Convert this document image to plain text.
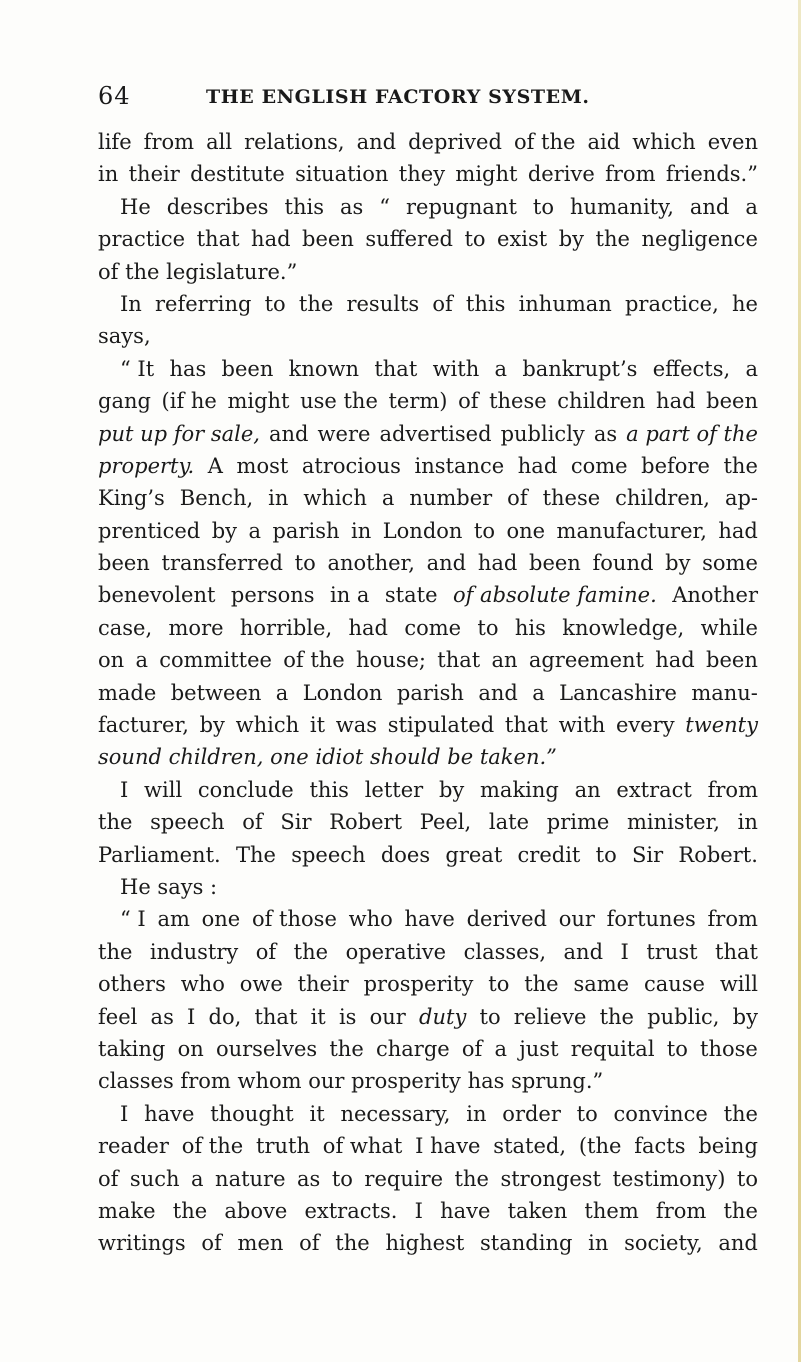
64	THE ENGLISH FACTORY SYSTEM.
life from all relations, and deprived of the aid which even
in their destitute situation they might derive from friends.”
He describes this as “ repugnant to humanity, and a
practice that had been suffered to exist by the negligence
of the legislature.”
In referring to the results of this inhuman practice, he
says,
“ It has been known that with a bankrupt’s effects, a
gang (if he might use the term) of these children had been
put up for sale, and were advertised publicly as a part of the
property. A most atrocious instance had come before the
King’s Bench, in which a number of these children, ap-
prenticed by a parish in London to one manufacturer, had
been transferred to another, and had been found by some
benevolent persons in a state of absolute famine. Another
case, more horrible, had come to his knowledge, while
on a committee of the house; that an agreement had been
made between a London parish and a Lancashire manu-
facturer, by which it was stipulated that with every twenty
sound children, one idiot should be taken.”
I will conclude this letter by making an extract from
the speech of Sir Robert Peel, late prime minister, in
Parliament. The speech does great credit to Sir Robert.
He says :
“ I am one of those who have derived our fortunes from
the industry of the operative classes, and I trust that
others who owe their prosperity to the same cause will
feel as I do, that it is our duty to relieve the public, by
taking on ourselves the charge of a just requital to those
classes from whom our prosperity has sprung.”
I have thought it necessary, in order to convince the
reader of the truth of what I have stated, (the facts being
of such a nature as to require the strongest testimony) to
make the above extracts. I have taken them from the
writings of men of the highest standing in society, and
